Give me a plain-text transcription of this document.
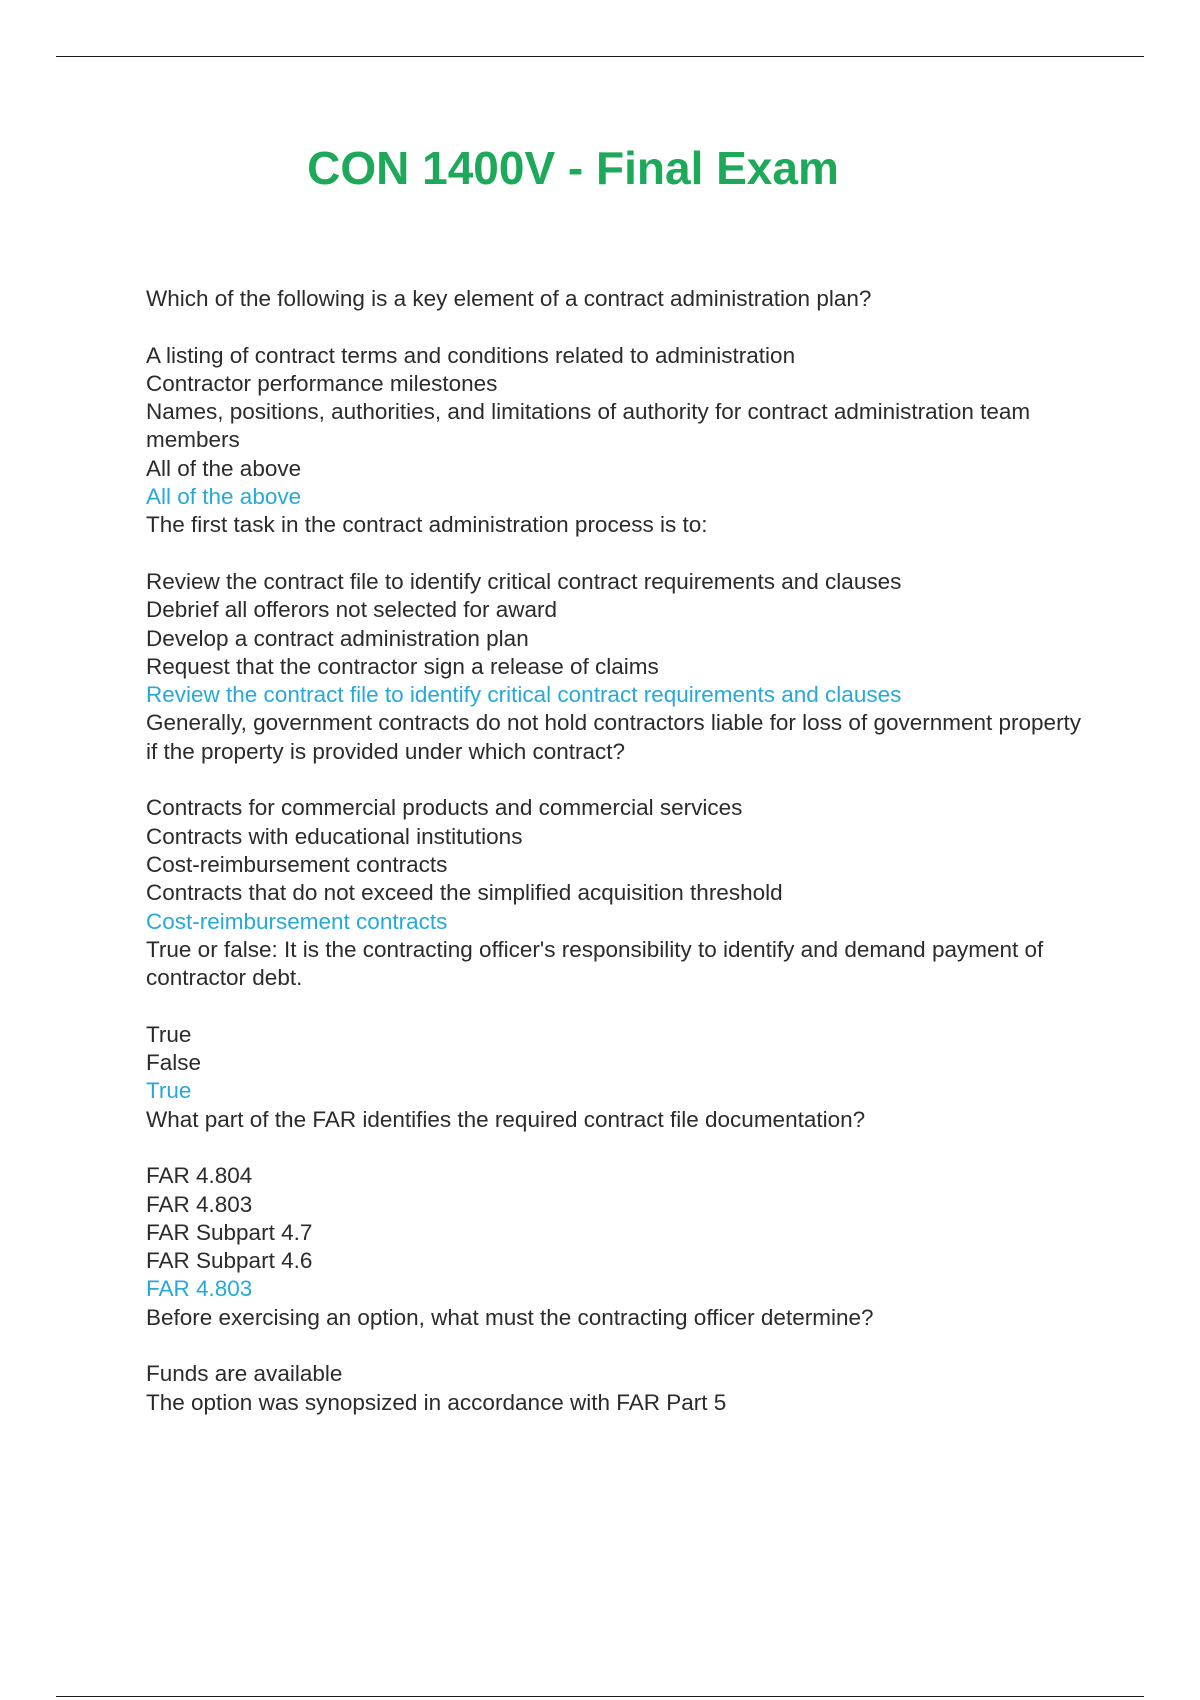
CON 1400V - Final Exam
Which of the following is a key element of a contract administration plan?
A listing of contract terms and conditions related to administration
Contractor performance milestones
Names, positions, authorities, and limitations of authority for contract administration team members
All of the above
All of the above
The first task in the contract administration process is to:
Review the contract file to identify critical contract requirements and clauses
Debrief all offerors not selected for award
Develop a contract administration plan
Request that the contractor sign a release of claims
Review the contract file to identify critical contract requirements and clauses
Generally, government contracts do not hold contractors liable for loss of government property if the property is provided under which contract?
Contracts for commercial products and commercial services
Contracts with educational institutions
Cost-reimbursement contracts
Contracts that do not exceed the simplified acquisition threshold
Cost-reimbursement contracts
True or false: It is the contracting officer's responsibility to identify and demand payment of contractor debt.
True
False
True
What part of the FAR identifies the required contract file documentation?
FAR 4.804
FAR 4.803
FAR Subpart 4.7
FAR Subpart 4.6
FAR 4.803
Before exercising an option, what must the contracting officer determine?
Funds are available
The option was synopsized in accordance with FAR Part 5
